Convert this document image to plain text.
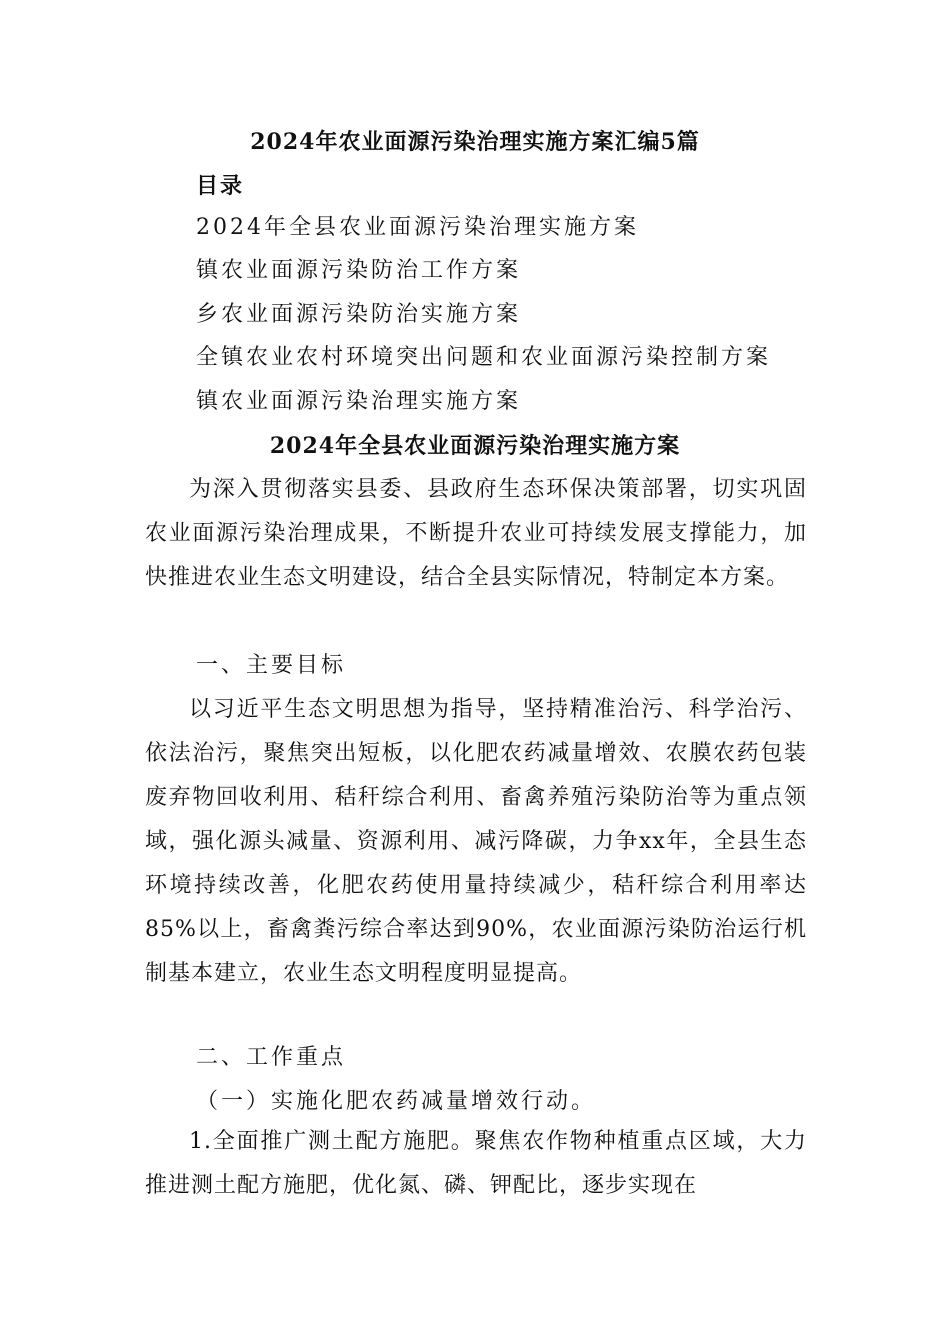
2024年农业面源污染治理实施方案汇编5篇
目录
2024年全县农业面源污染治理实施方案
镇农业面源污染防治工作方案
乡农业面源污染防治实施方案
全镇农业农村环境突出问题和农业面源污染控制方案
镇农业面源污染治理实施方案
2024年全县农业面源污染治理实施方案

为深入贯彻落实县委、县政府生态环保决策部署，切实巩固农业面源污染治理成果，不断提升农业可持续发展支撑能力，加快推进农业生态文明建设，结合全县实际情况，特制定本方案。

一、主要目标

以习近平生态文明思想为指导，坚持精准治污、科学治污、依法治污，聚焦突出短板，以化肥农药减量增效、农膜农药包装废弃物回收利用、秸秆综合利用、畜禽养殖污染防治等为重点领域，强化源头减量、资源利用、减污降碳，力争xx年，全县生态环境持续改善，化肥农药使用量持续减少，秸秆综合利用率达85%以上，畜禽粪污综合率达到90%，农业面源污染防治运行机制基本建立，农业生态文明程度明显提高。

二、工作重点
（一）实施化肥农药减量增效行动。

1.全面推广测土配方施肥。聚焦农作物种植重点区域，大力推进测土配方施肥，优化氮、磷、钾配比，逐步实现在
